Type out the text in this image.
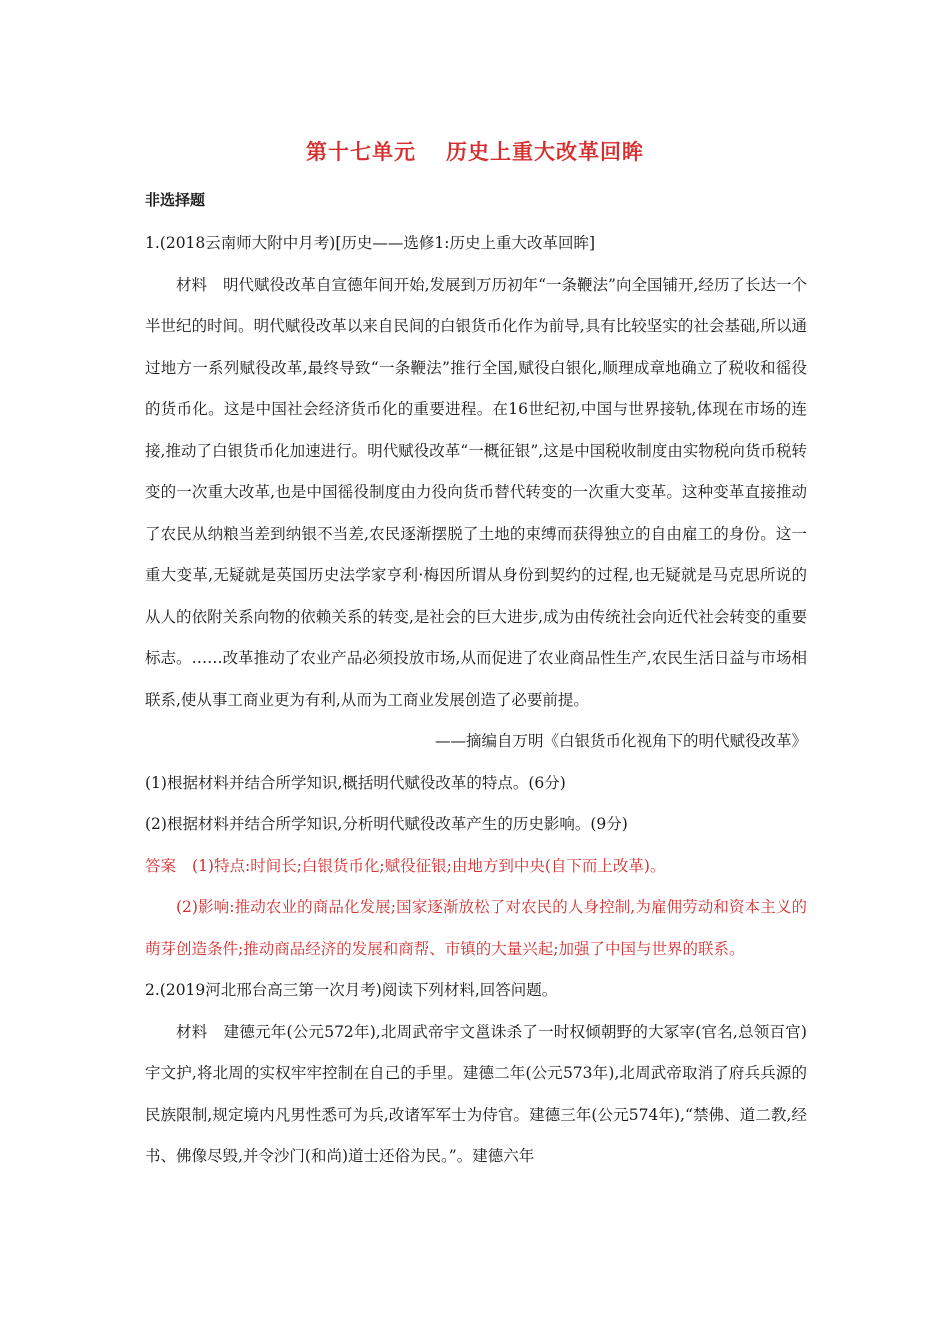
第十七单元 历史上重大改革回眸
非选择题

1.(2018云南师大附中月考)[历史——选修1:历史上重大改革回眸]

材料 明代赋役改革自宣德年间开始,发展到万历初年“一条鞭法”向全国铺开,经历了长达一个半世纪的时间。明代赋役改革以来自民间的白银货币化作为前导,具有比较坚实的社会基础,所以通过地方一系列赋役改革,最终导致“一条鞭法”推行全国,赋役白银化,顺理成章地确立了税收和徭役的货币化。这是中国社会经济货币化的重要进程。在16世纪初,中国与世界接轨,体现在市场的连接,推动了白银货币化加速进行。明代赋役改革“一概征银”,这是中国税收制度由实物税向货币税转变的一次重大改革,也是中国徭役制度由力役向货币替代转变的一次重大变革。这种变革直接推动了农民从纳粮当差到纳银不当差,农民逐渐摆脱了土地的束缚而获得独立的自由雇工的身份。这一重大变革,无疑就是英国历史法学家亨利·梅因所谓从身份到契约的过程,也无疑就是马克思所说的从人的依附关系向物的依赖关系的转变,是社会的巨大进步,成为由传统社会向近代社会转变的重要标志。……改革推动了农业产品必须投放市场,从而促进了农业商品性生产,农民生活日益与市场相联系,使从事工商业更为有利,从而为工商业发展创造了必要前提。

——摘编自万明《白银货币化视角下的明代赋役改革》

(1)根据材料并结合所学知识,概括明代赋役改革的特点。(6分)

(2)根据材料并结合所学知识,分析明代赋役改革产生的历史影响。(9分)

答案 (1)特点:时间长;白银货币化;赋役征银;由地方到中央(自下而上改革)。

(2)影响:推动农业的商品化发展;国家逐渐放松了对农民的人身控制,为雇佣劳动和资本主义的萌芽创造条件;推动商品经济的发展和商帮、市镇的大量兴起;加强了中国与世界的联系。

2.(2019河北邢台高三第一次月考)阅读下列材料,回答问题。

材料 建德元年(公元572年),北周武帝宇文邕诛杀了一时权倾朝野的大冢宰(官名,总领百官)宇文护,将北周的实权牢牢控制在自己的手里。建德二年(公元573年),北周武帝取消了府兵兵源的民族限制,规定境内凡男性悉可为兵,改诸军军士为侍官。建德三年(公元574年),“禁佛、道二教,经书、佛像尽毁,并令沙门(和尚)道士还俗为民。”。建德六年
